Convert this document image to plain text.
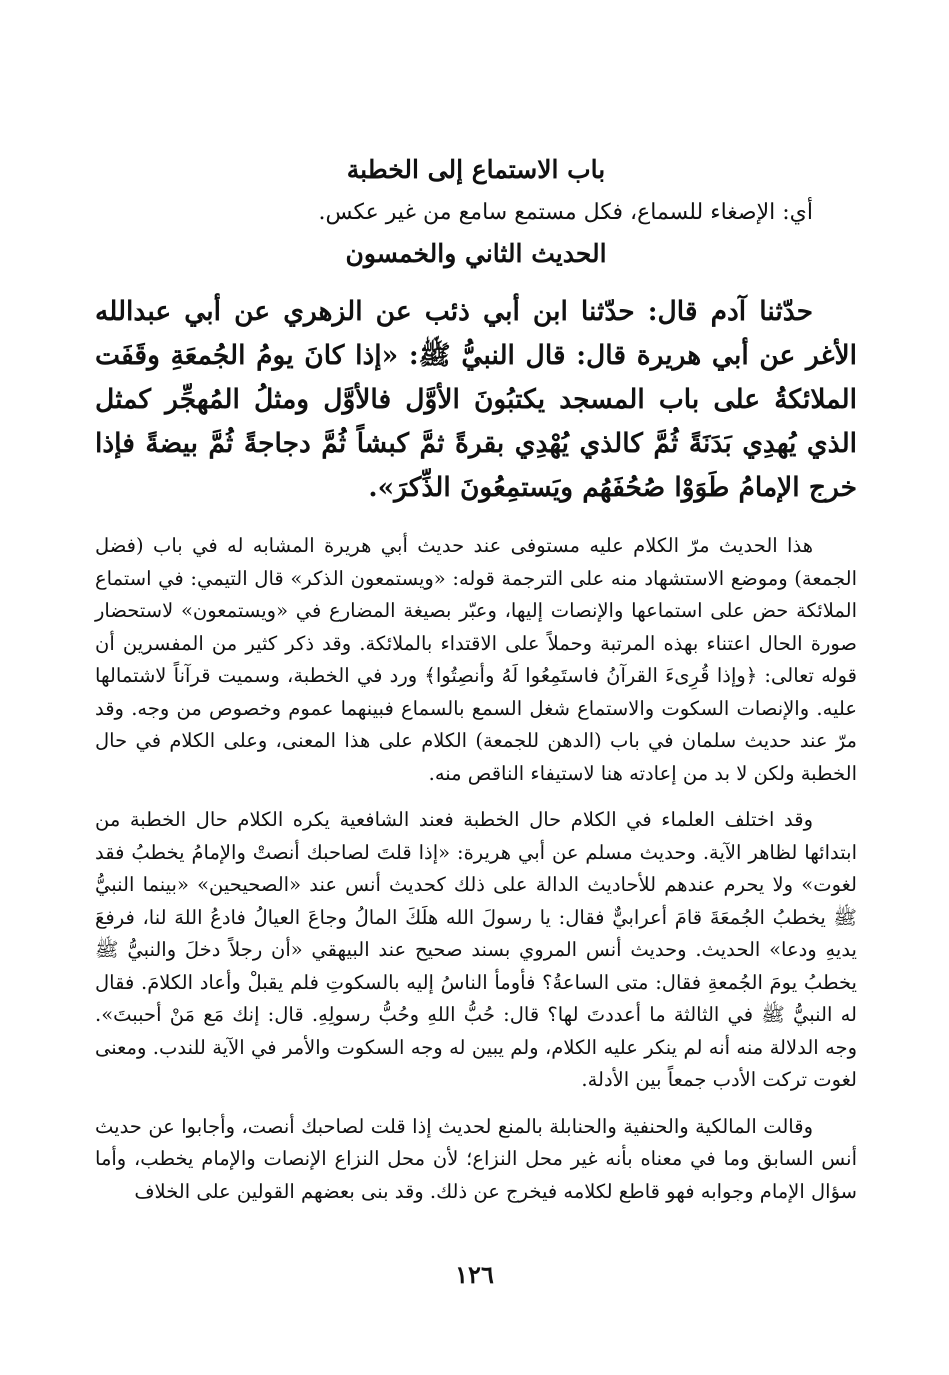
باب الاستماع إلى الخطبة

أي: الإصغاء للسماع، فكل مستمع سامع من غير عكس.

الحديث الثاني والخمسون

حدّثنا آدم قال: حدّثنا ابن أبي ذئب عن الزهري عن أبي عبدالله الأغر عن أبي هريرة قال: قال النبيُّ ﷺ: «إذا كانَ يومُ الجُمعَةِ وقَفَت الملائكةُ على باب المسجد يكتبُونَ الأوَّل فالأوَّل ومثلُ المُهجِّر كمثل الذي يُهدِي بَدَنَةً ثُمَّ كالذي يُهْدِي بقرةً ثمَّ كبشاً ثُمَّ دجاجةً ثُمَّ بيضةً فإذا خرج الإمامُ طَوَوْا صُحُفَهُم ويَستمِعُونَ الذِّكرَ».

هذا الحديث مرّ الكلام عليه مستوفى عند حديث أبي هريرة المشابه له في باب (فضل الجمعة) وموضع الاستشهاد منه على الترجمة قوله: «ويستمعون الذكر» قال التيمي: في استماع الملائكة حض على استماعها والإنصات إليها، وعبّر بصيغة المضارع في «ويستمعون» لاستحضار صورة الحال اعتناء بهذه المرتبة وحملاً على الاقتداء بالملائكة. وقد ذكر كثير من المفسرين أن قوله تعالى: ﴿وإذا قُرِىءَ القرآنُ فاستَمِعُوا لَهُ وأنصِتُوا﴾ ورد في الخطبة، وسميت قرآناً لاشتمالها عليه. والإنصات السكوت والاستماع شغل السمع بالسماع فبينهما عموم وخصوص من وجه. وقد مرّ عند حديث سلمان في باب (الدهن للجمعة) الكلام على هذا المعنى، وعلى الكلام في حال الخطبة ولكن لا بد من إعادته هنا لاستيفاء الناقص منه.

وقد اختلف العلماء في الكلام حال الخطبة فعند الشافعية يكره الكلام حال الخطبة من ابتدائها لظاهر الآية. وحديث مسلم عن أبي هريرة: «إذا قلتَ لصاحبك أنصتْ والإمامُ يخطبُ فقد لغوت» ولا يحرم عندهم للأحاديث الدالة على ذلك كحديث أنس عند «الصحيحين» «بينما النبيُّ ﷺ يخطبُ الجُمعَةَ قامَ أعرابيٌّ فقال: يا رسولَ الله هلَكَ المالُ وجاعَ العيالُ فادعُ اللهَ لنا، فرفعَ يديهِ ودعا» الحديث. وحديث أنس المروي بسند صحيح عند البيهقي «أن رجلاً دخلَ والنبيُّ ﷺ يخطبُ يومَ الجُمعةِ فقال: متى الساعةُ؟ فأومأ الناسُ إليه بالسكوتِ فلم يقبلْ وأعاد الكلامَ. فقال له النبيُّ ﷺ في الثالثة ما أعددتَ لها؟ قال: حُبُّ اللهِ وحُبُّ رسولِهِ. قال: إنك مَع مَنْ أحببتَ». وجه الدلالة منه أنه لم ينكر عليه الكلام، ولم يبين له وجه السكوت والأمر في الآية للندب. ومعنى لغوت تركت الأدب جمعاً بين الأدلة.

وقالت المالكية والحنفية والحنابلة بالمنع لحديث إذا قلت لصاحبك أنصت، وأجابوا عن حديث أنس السابق وما في معناه بأنه غير محل النزاع؛ لأن محل النزاع الإنصات والإمام يخطب، وأما سؤال الإمام وجوابه فهو قاطع لكلامه فيخرج عن ذلك. وقد بنى بعضهم القولين على الخلاف

١٢٦
